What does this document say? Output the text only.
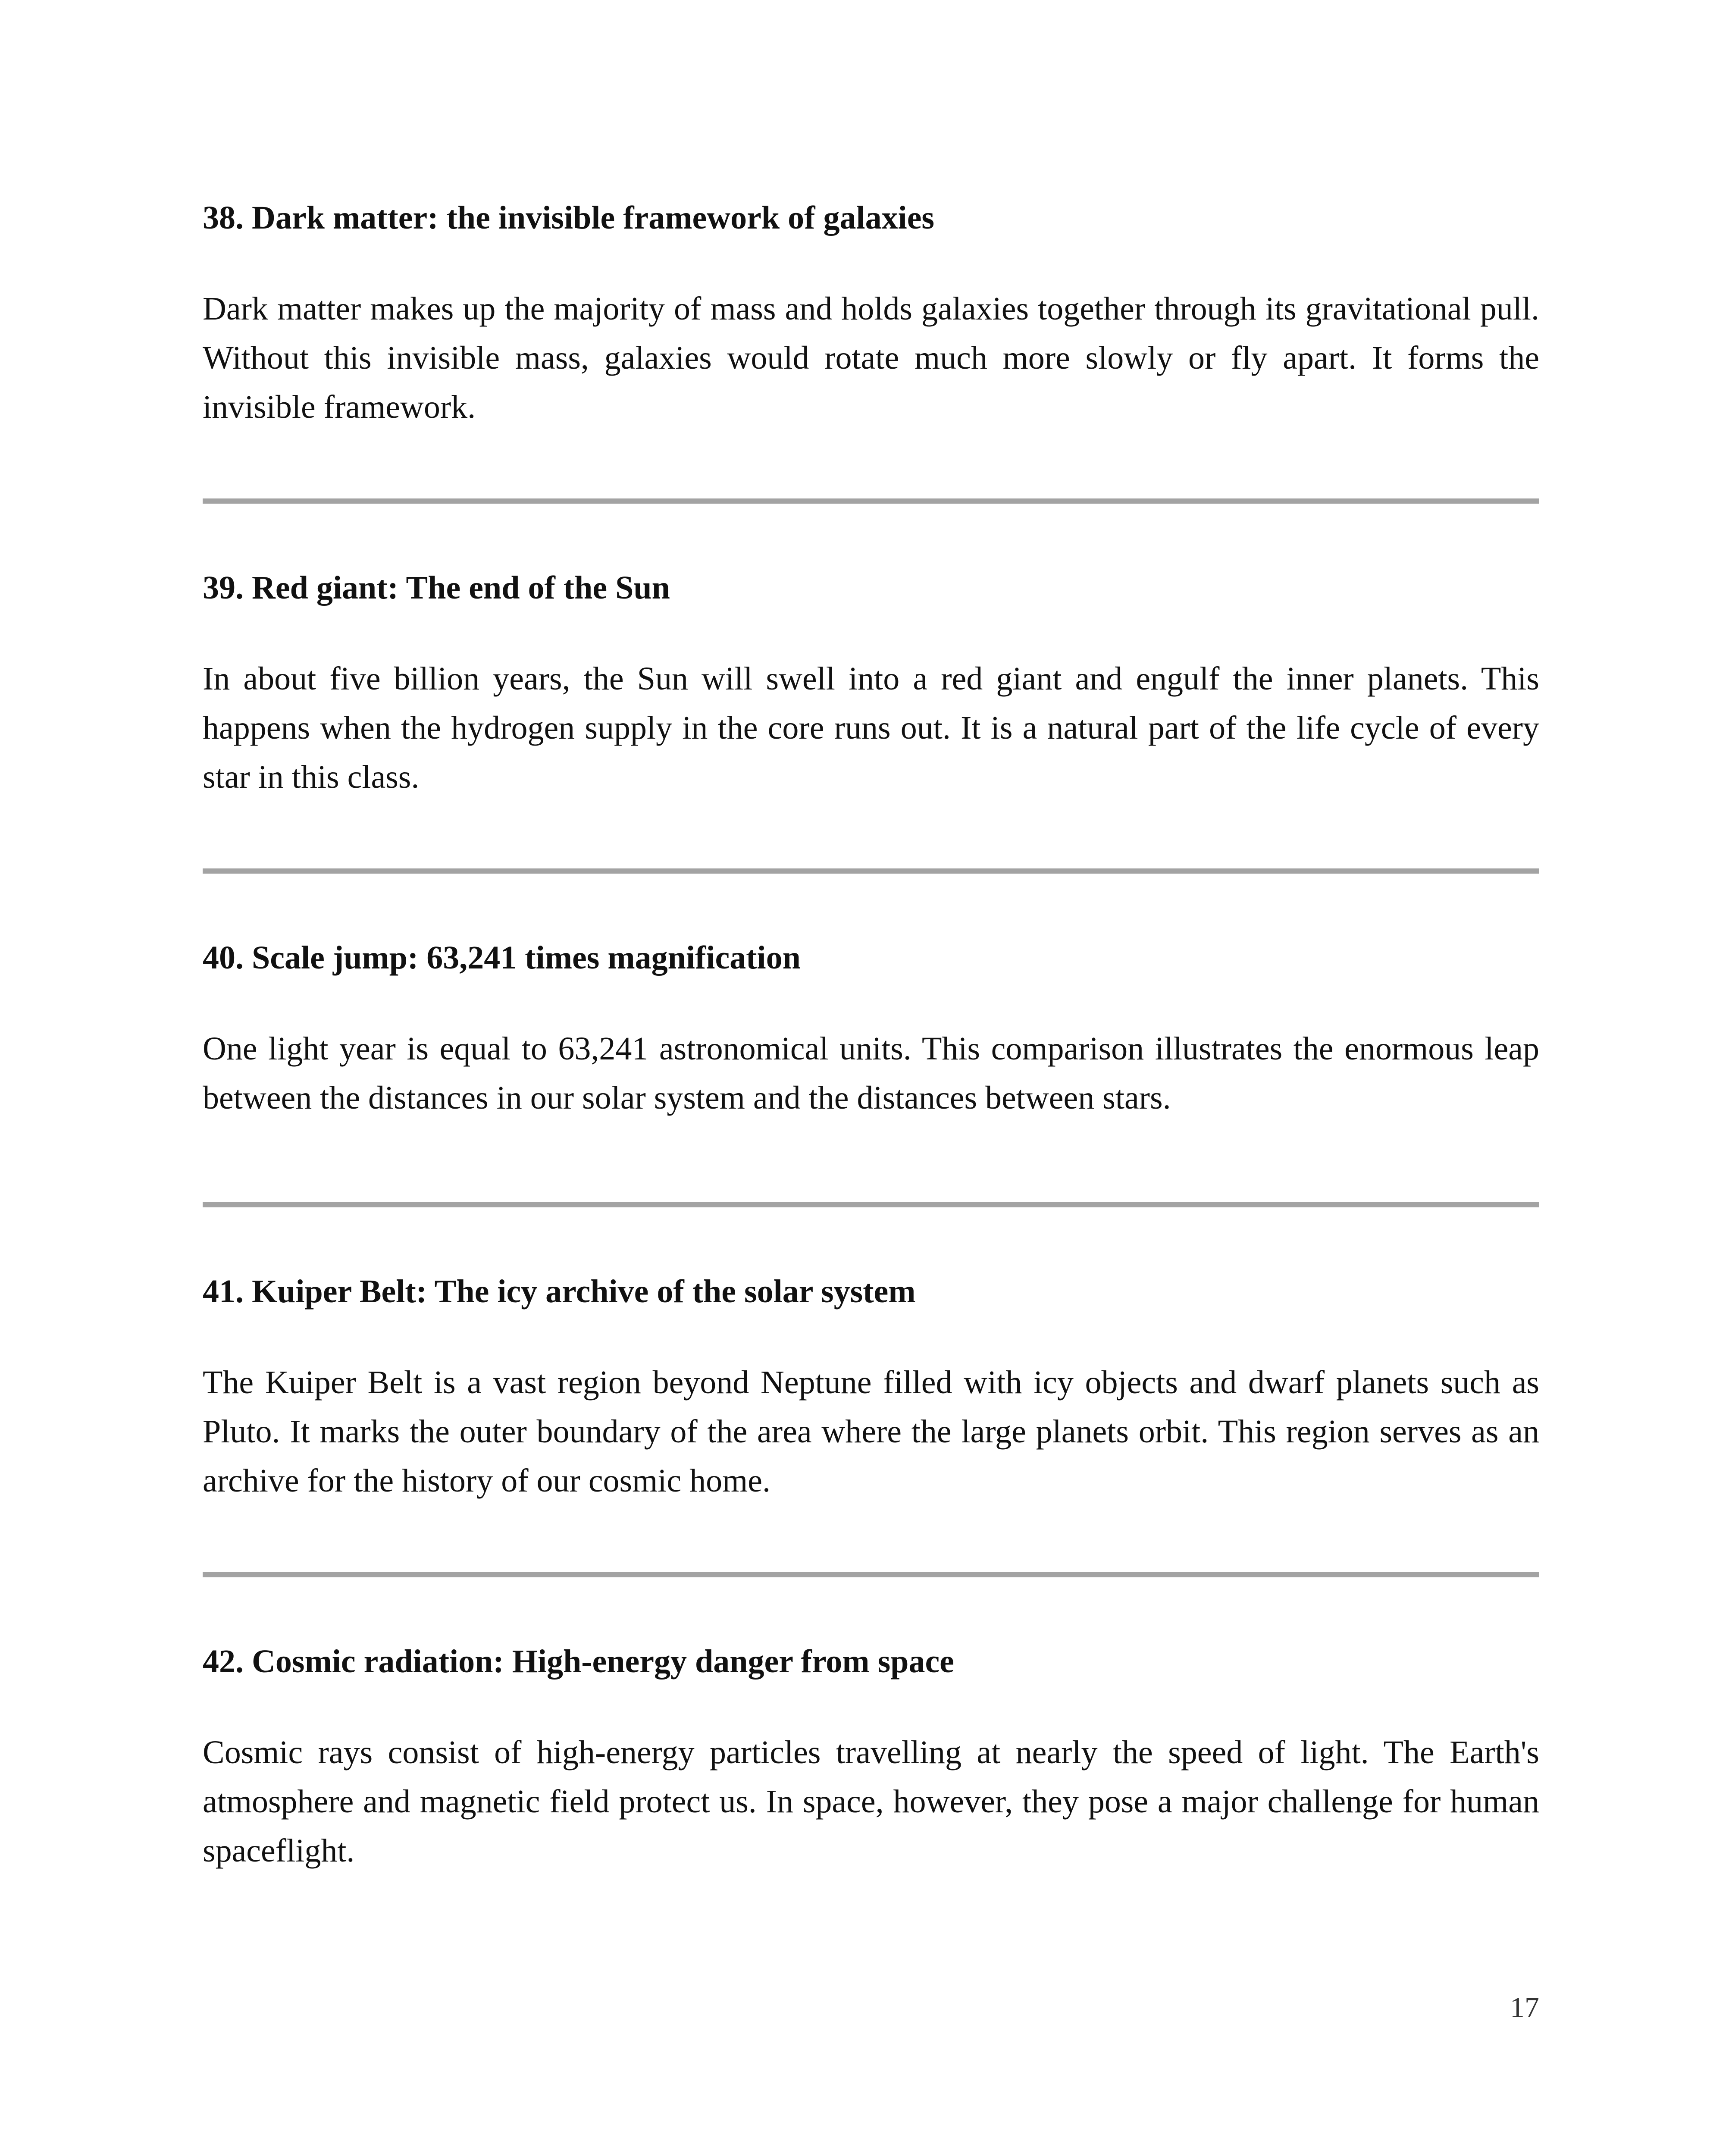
38. Dark matter: the invisible framework of galaxies

Dark matter makes up the majority of mass and holds galaxies together through its gravitational pull. Without this invisible mass, galaxies would rotate much more slowly or fly apart. It forms the invisible framework.

39. Red giant: The end of the Sun

In about five billion years, the Sun will swell into a red giant and engulf the inner planets. This happens when the hydrogen supply in the core runs out. It is a natural part of the life cycle of every star in this class.

40. Scale jump: 63,241 times magnification

One light year is equal to 63,241 astronomical units. This comparison illustrates the enormous leap between the distances in our solar system and the distances between stars.

41. Kuiper Belt: The icy archive of the solar system

The Kuiper Belt is a vast region beyond Neptune filled with icy objects and dwarf planets such as Pluto. It marks the outer boundary of the area where the large planets orbit. This region serves as an archive for the history of our cosmic home.

42. Cosmic radiation: High-energy danger from space

Cosmic rays consist of high-energy particles travelling at nearly the speed of light. The Earth's atmosphere and magnetic field protect us. In space, however, they pose a major challenge for human spaceflight.

17
